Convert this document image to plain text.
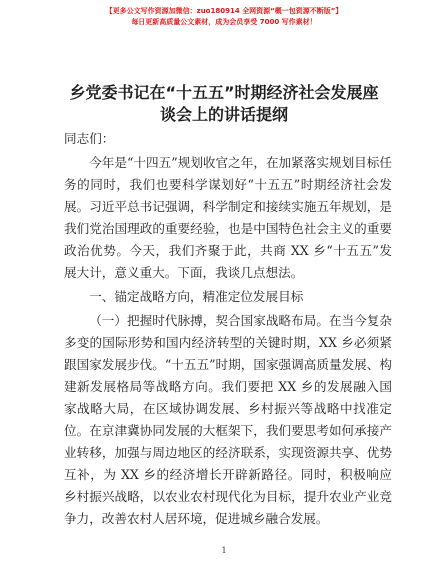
【更多公文写作资源加微信：zuo180914 全网资源“概一包资源不断版”】
每日更新高质量公文素材，成为会员享受 7000 写作素材！
乡党委书记在“十五五”时期经济社会发展座
谈会上的讲话提纲

同志们：

今年是“十四五”规划收官之年，在加紧落实规划目标任务的同时，我们也要科学谋划好“十五五”时期经济社会发展。习近平总书记强调，科学制定和接续实施五年规划，是我们党治国理政的重要经验，也是中国特色社会主义的重要政治优势。今天，我们齐聚于此，共商 XX 乡“十五五”发展大计，意义重大。下面，我谈几点想法。

一、锚定战略方向，精准定位发展目标

（一）把握时代脉搏，契合国家战略布局。在当今复杂多变的国际形势和国内经济转型的关键时期，XX 乡必须紧跟国家发展步伐。“十五五”时期，国家强调高质量发展、构建新发展格局等战略方向。我们要把 XX 乡的发展融入国家战略大局，在区域协调发展、乡村振兴等战略中找准定位。在京津冀协同发展的大框架下，我们要思考如何承接产业转移，加强与周边地区的经济联系，实现资源共享、优势互补，为 XX 乡的经济增长开辟新路径。同时，积极响应乡村振兴战略，以农业农村现代化为目标，提升农业产业竞争力，改善农村人居环境，促进城乡融合发展。

1
